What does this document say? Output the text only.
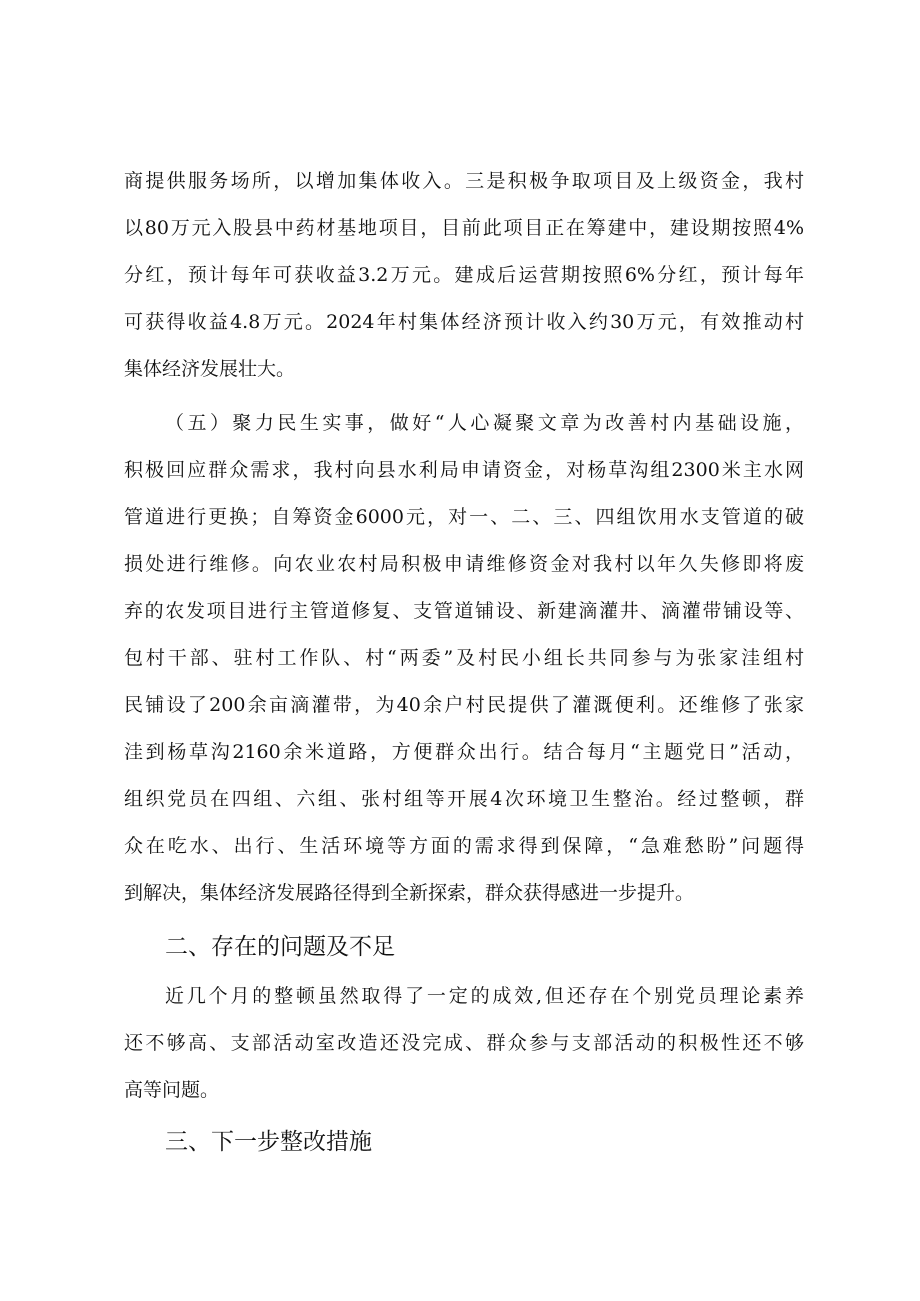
商提供服务场所，以增加集体收入。三是积极争取项目及上级资金，我村
以80万元入股县中药材基地项目，目前此项目正在筹建中，建设期按照4%
分红，预计每年可获收益3.2万元。建成后运营期按照6%分红，预计每年
可获得收益4.8万元。2024年村集体经济预计收入约30万元，有效推动村
集体经济发展壮大。
（五）聚力民生实事，做好“人心凝聚文章为改善村内基础设施，
积极回应群众需求，我村向县水利局申请资金，对杨草沟组2300米主水网
管道进行更换；自筹资金6000元，对一、二、三、四组饮用水支管道的破
损处进行维修。向农业农村局积极申请维修资金对我村以年久失修即将废
弃的农发项目进行主管道修复、支管道铺设、新建滴灌井、滴灌带铺设等、
包村干部、驻村工作队、村“两委”及村民小组长共同参与为张家洼组村
民铺设了200余亩滴灌带，为40余户村民提供了灌溉便利。还维修了张家
洼到杨草沟2160余米道路，方便群众出行。结合每月“主题党日”活动，
组织党员在四组、六组、张村组等开展4次环境卫生整治。经过整顿，群
众在吃水、出行、生活环境等方面的需求得到保障，“急难愁盼”问题得
到解决，集体经济发展路径得到全新探索，群众获得感进一步提升。
二、存在的问题及不足
近几个月的整顿虽然取得了一定的成效,但还存在个别党员理论素养
还不够高、支部活动室改造还没完成、群众参与支部活动的积极性还不够
高等问题。
三、下一步整改措施
